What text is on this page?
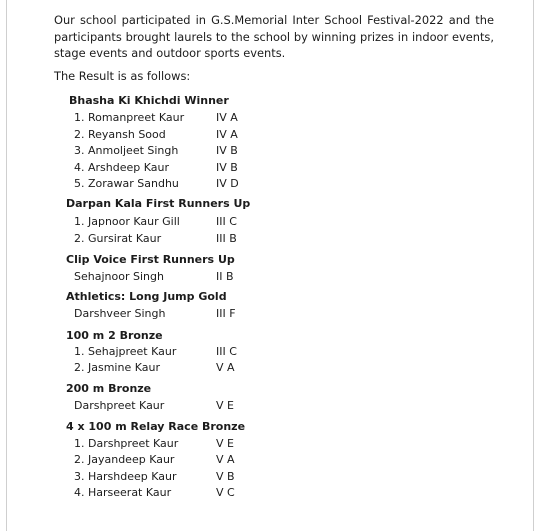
Our school participated in G.S.Memorial Inter School Festival-2022 and the participants brought laurels to the school by winning prizes in indoor events, stage events and outdoor sports events.
The Result is as follows:
Bhasha Ki Khichdi Winner
1. Romanpreet Kaur	IV A
2. Reyansh Sood	IV A
3. Anmoljeet Singh	IV B
4. Arshdeep Kaur	IV B
5. Zorawar Sandhu	IV D
Darpan Kala First Runners Up
1. Japnoor Kaur Gill	III C
2. Gursirat Kaur	III B
Clip Voice First Runners Up
Sehajnoor Singh	II B
Athletics: Long Jump Gold
Darshveer Singh	III F
100 m 2 Bronze
1. Sehajpreet Kaur	III C
2. Jasmine Kaur	V A
200 m Bronze
Darshpreet Kaur	V E
4 x 100 m Relay Race Bronze
1. Darshpreet Kaur	V E
2. Jayandeep Kaur	V A
3. Harshdeep Kaur	V B
4. Harseerat Kaur	V C
